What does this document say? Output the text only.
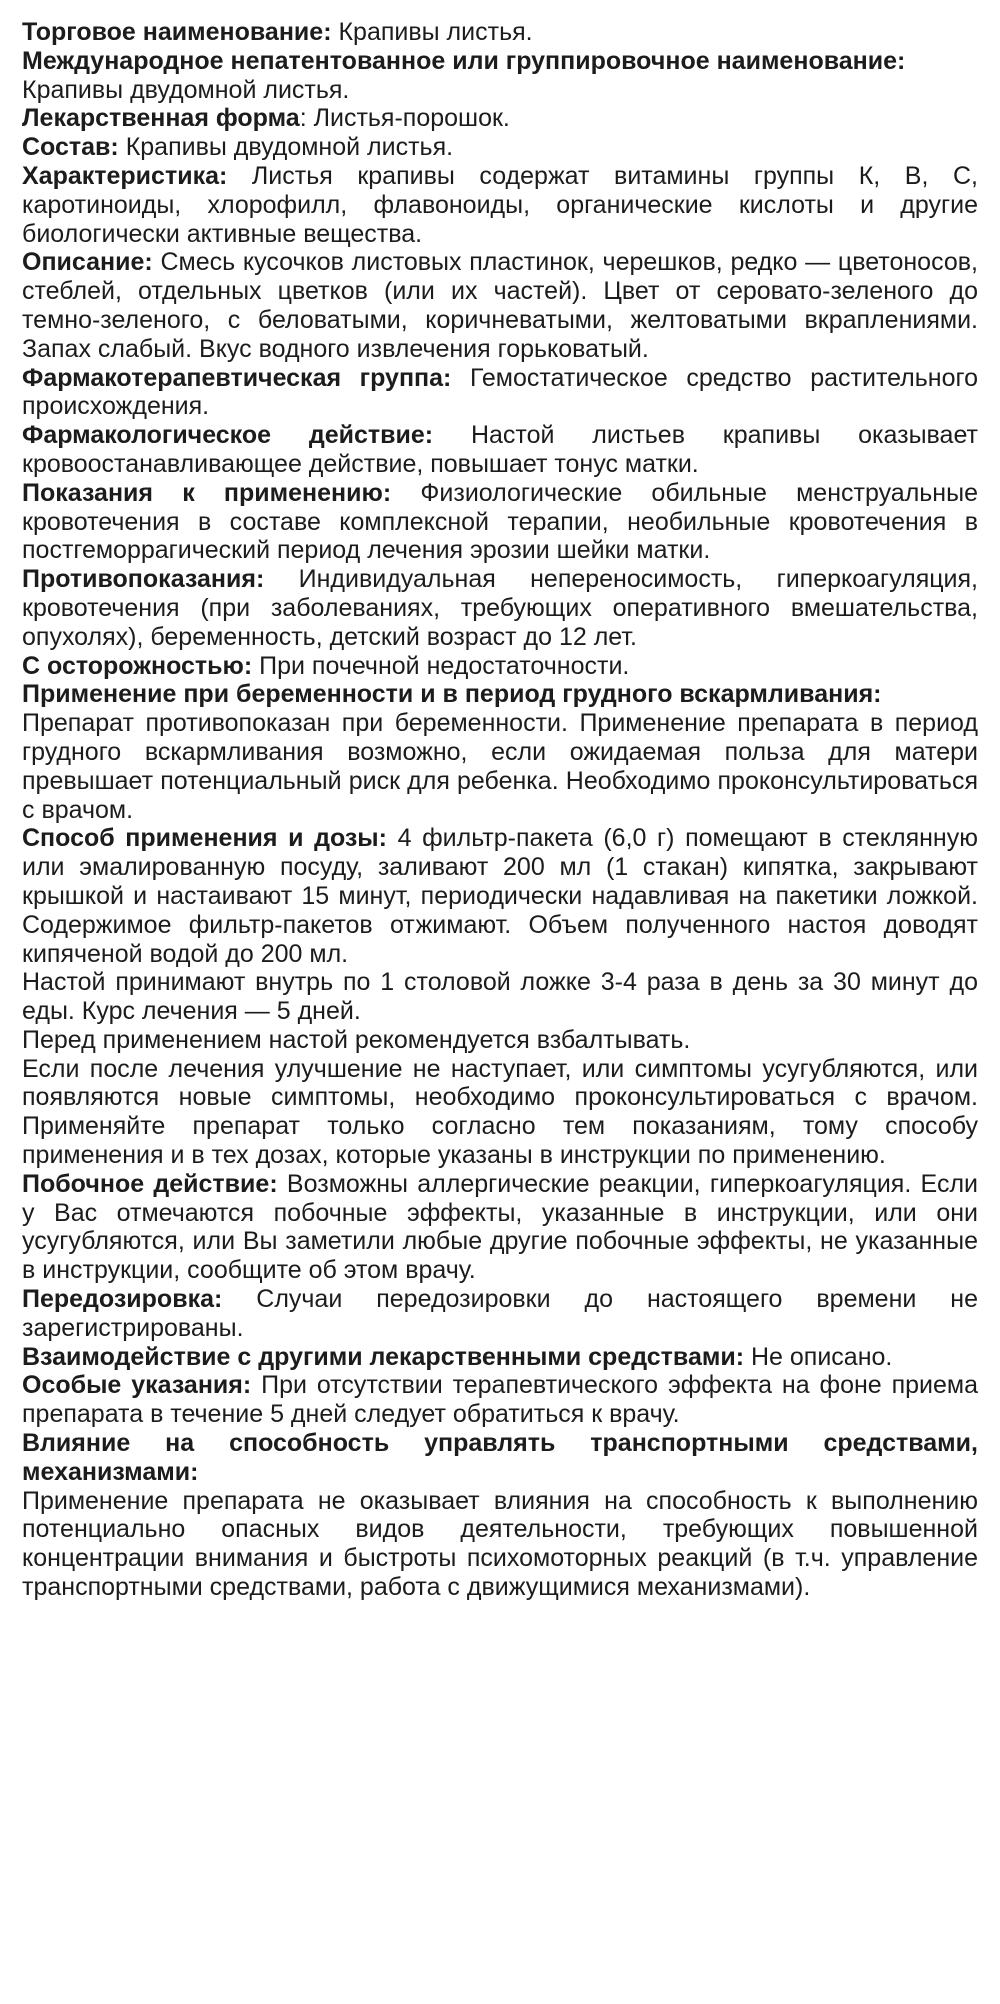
Торговое наименование: Крапивы листья.

Международное непатентованное или группировочное наименование:
Крапивы двудомной листья.

Лекарственная форма: Листья-порошок.

Состав: Крапивы двудомной листья.

Характеристика: Листья крапивы содержат витамины группы К, В, С, каротиноиды, хлорофилл, флавоноиды, органические кислоты и другие биологически активные вещества.

Описание: Смесь кусочков листовых пластинок, черешков, редко — цветоносов, стеблей, отдельных цветков (или их частей). Цвет от серовато-зеленого до темно-зеленого, с беловатыми, коричневатыми, желтоватыми вкраплениями. Запах слабый. Вкус водного извлечения горьковатый.

Фармакотерапевтическая группа: Гемостатическое средство растительного происхождения.

Фармакологическое действие: Настой листьев крапивы оказывает кровоостанавливающее действие, повышает тонус матки.

Показания к применению: Физиологические обильные менструальные кровотечения в составе комплексной терапии, необильные кровотечения в постгеморрагический период лечения эрозии шейки матки.

Противопоказания: Индивидуальная непереносимость, гиперкоагуляция, кровотечения (при заболеваниях, требующих оперативного вмешательства, опухолях), беременность, детский возраст до 12 лет.

С осторожностью: При почечной недостаточности.

Применение при беременности и в период грудного вскармливания:
Препарат противопоказан при беременности. Применение препарата в период грудного вскармливания возможно, если ожидаемая польза для матери превышает потенциальный риск для ребенка. Необходимо проконсультироваться с врачом.

Способ применения и дозы: 4 фильтр-пакета (6,0 г) помещают в стеклянную или эмалированную посуду, заливают 200 мл (1 стакан) кипятка, закрывают крышкой и настаивают 15 минут, периодически надавливая на пакетики ложкой. Содержимое фильтр-пакетов отжимают. Объем полученного настоя доводят кипяченой водой до 200 мл.

Настой принимают внутрь по 1 столовой ложке 3-4 раза в день за 30 минут до еды. Курс лечения — 5 дней.

Перед применением настой рекомендуется взбалтывать.

Если после лечения улучшение не наступает, или симптомы усугубляются, или появляются новые симптомы, необходимо проконсультироваться с врачом. Применяйте препарат только согласно тем показаниям, тому способу применения и в тех дозах, которые указаны в инструкции по применению.

Побочное действие: Возможны аллергические реакции, гиперкоагуляция. Если у Вас отмечаются побочные эффекты, указанные в инструкции, или они усугубляются, или Вы заметили любые другие побочные эффекты, не указанные в инструкции, сообщите об этом врачу.

Передозировка: Случаи передозировки до настоящего времени не зарегистрированы.

Взаимодействие с другими лекарственными средствами: Не описано.

Особые указания: При отсутствии терапевтического эффекта на фоне приема препарата в течение 5 дней следует обратиться к врачу.

Влияние на способность управлять транспортными средствами, механизмами:
Применение препарата не оказывает влияния на способность к выполнению потенциально опасных видов деятельности, требующих повышенной концентрации внимания и быстроты психомоторных реакций (в т.ч. управление транспортными средствами, работа с движущимися механизмами).
